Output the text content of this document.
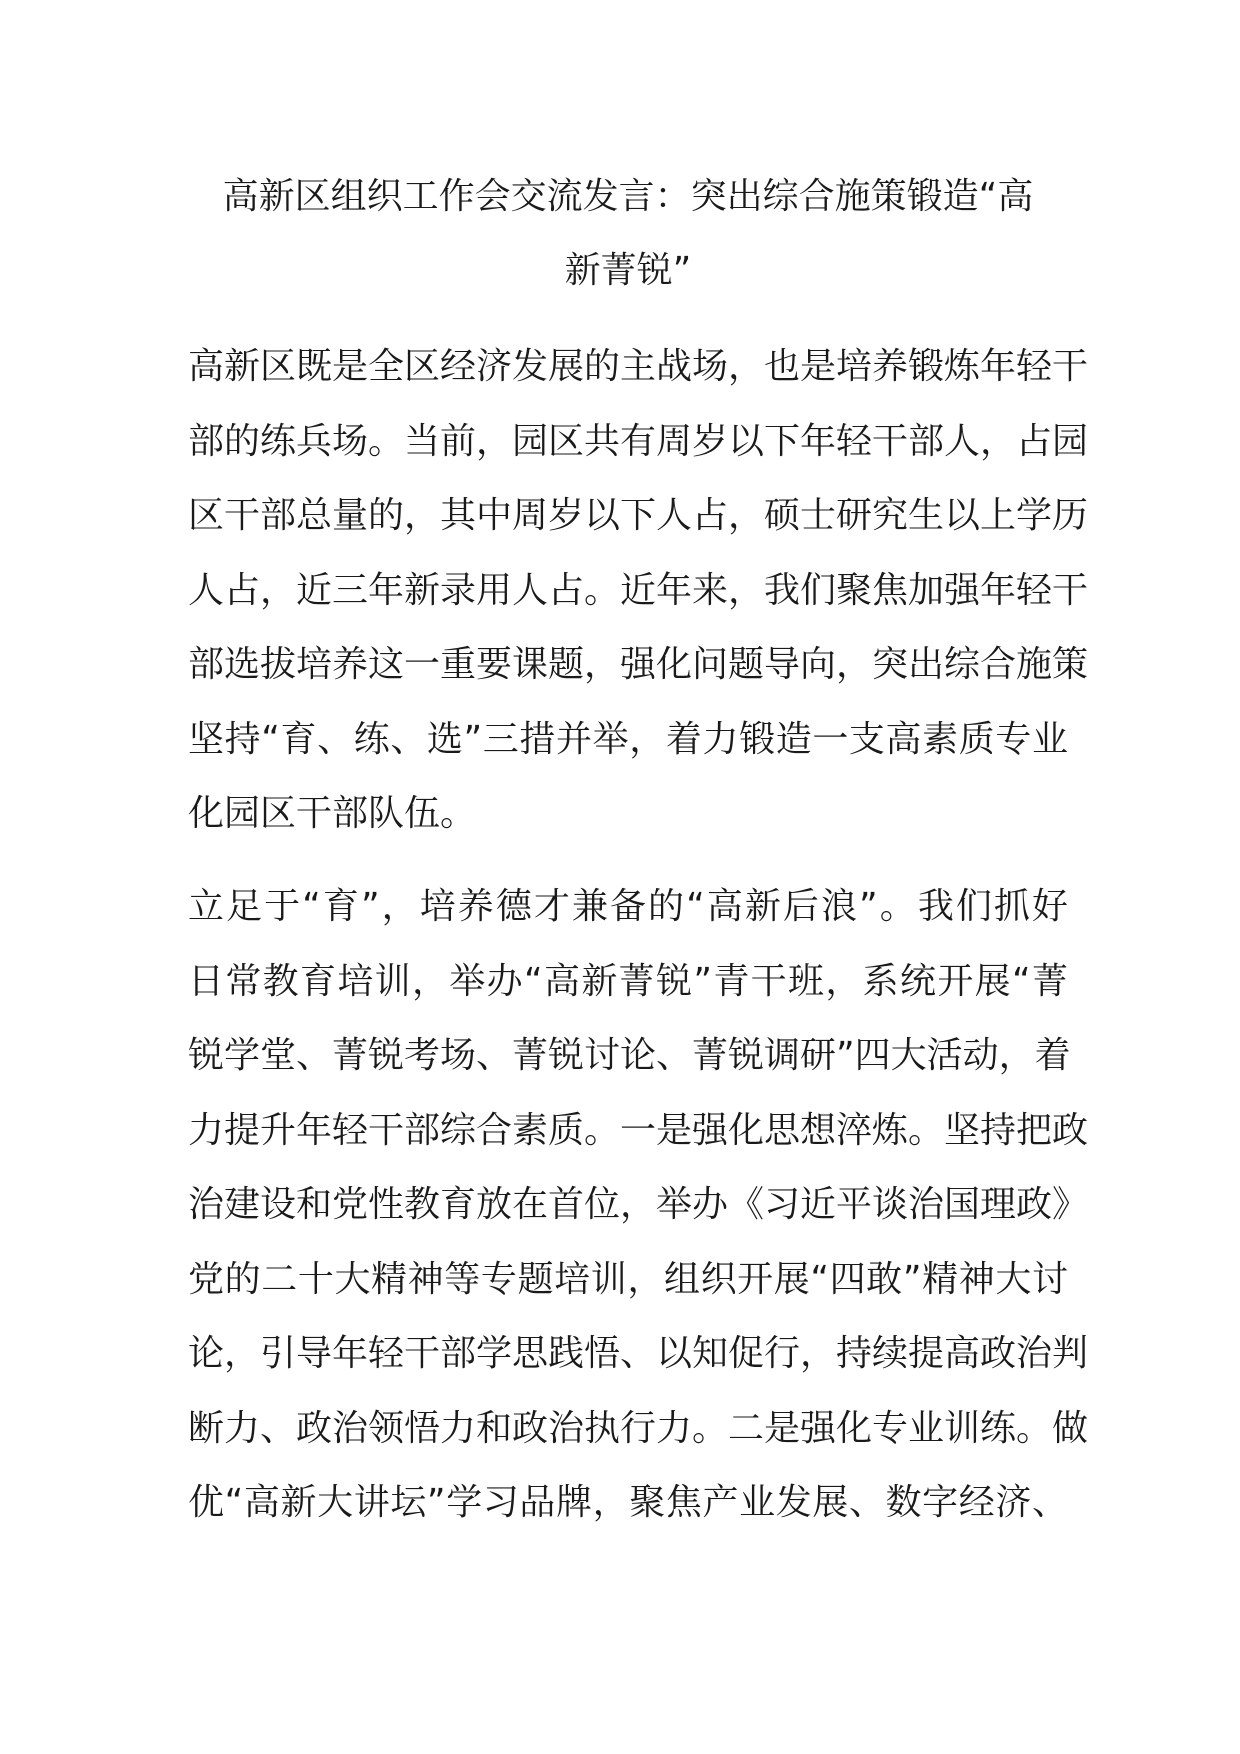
高新区组织工作会交流发言：突出综合施策锻造“高
新菁锐”
高新区既是全区经济发展的主战场，也是培养锻炼年轻干
部的练兵场。当前，园区共有周岁以下年轻干部人，占园
区干部总量的，其中周岁以下人占，硕士研究生以上学历
人占，近三年新录用人占。近年来，我们聚焦加强年轻干
部选拔培养这一重要课题，强化问题导向，突出综合施策
坚持“育、练、选”三措并举，着力锻造一支高素质专业
化园区干部队伍。
立足于“育”，培养德才兼备的“高新后浪”。我们抓好
日常教育培训，举办“高新菁锐”青干班，系统开展“菁
锐学堂、菁锐考场、菁锐讨论、菁锐调研”四大活动，着
力提升年轻干部综合素质。一是强化思想淬炼。坚持把政
治建设和党性教育放在首位，举办《习近平谈治国理政》
党的二十大精神等专题培训，组织开展“四敢”精神大讨
论，引导年轻干部学思践悟、以知促行，持续提高政治判
断力、政治领悟力和政治执行力。二是强化专业训练。做
优“高新大讲坛”学习品牌，聚焦产业发展、数字经济、
